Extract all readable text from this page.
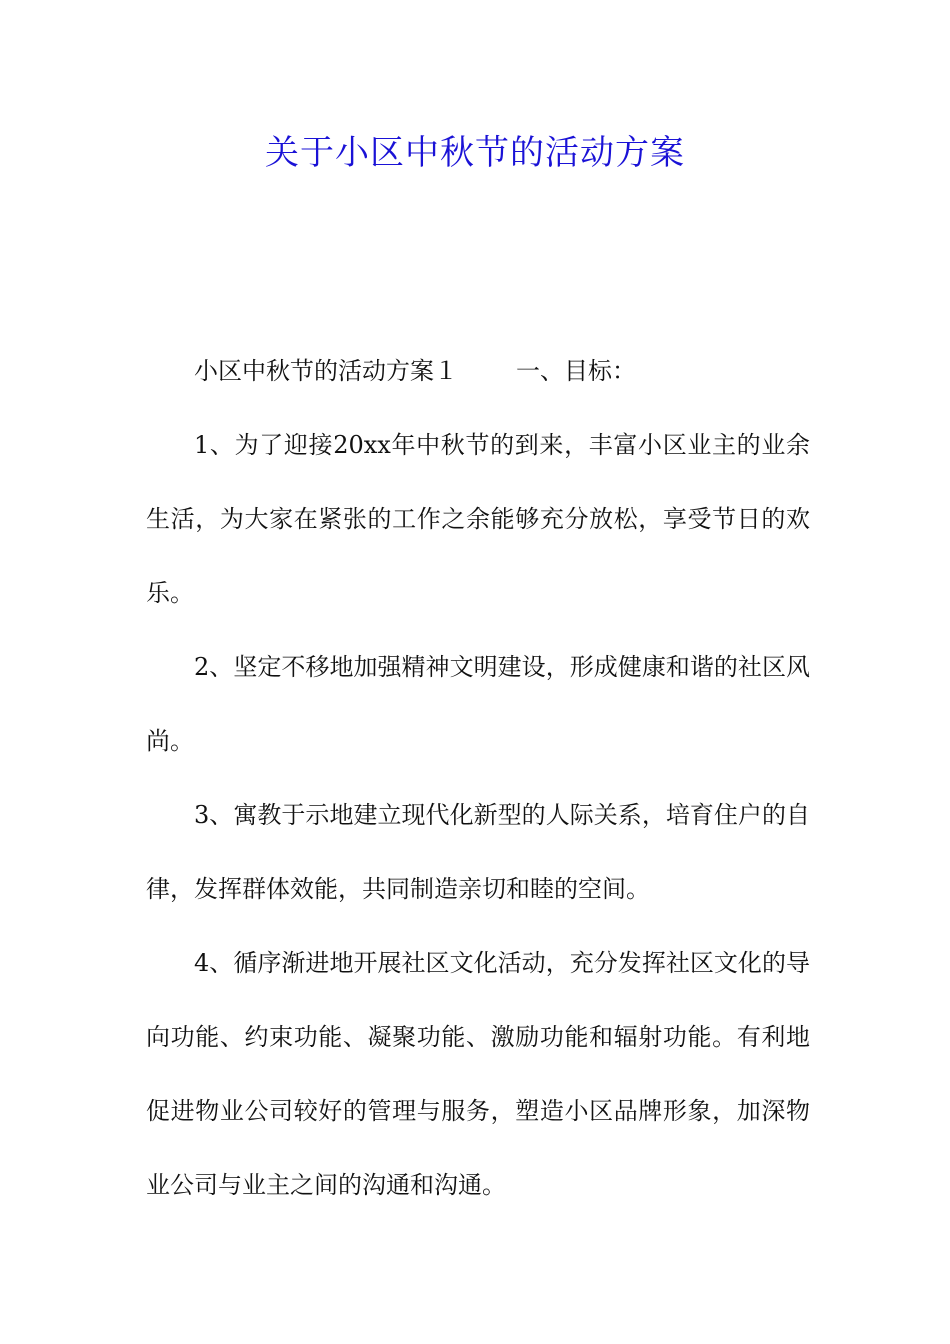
关于小区中秋节的活动方案

小区中秋节的活动方案１ 一、目标：

1、为了迎接20xx年中秋节的到来，丰富小区业主的业余生活，为大家在紧张的工作之余能够充分放松，享受节日的欢乐。

2、坚定不移地加强精神文明建设，形成健康和谐的社区风尚。

3、寓教于示地建立现代化新型的人际关系，培育住户的自律，发挥群体效能，共同制造亲切和睦的空间。

4、循序渐进地开展社区文化活动，充分发挥社区文化的导向功能、约束功能、凝聚功能、激励功能和辐射功能。有利地促进物业公司较好的管理与服务，塑造小区品牌形象，加深物业公司与业主之间的沟通和沟通。
